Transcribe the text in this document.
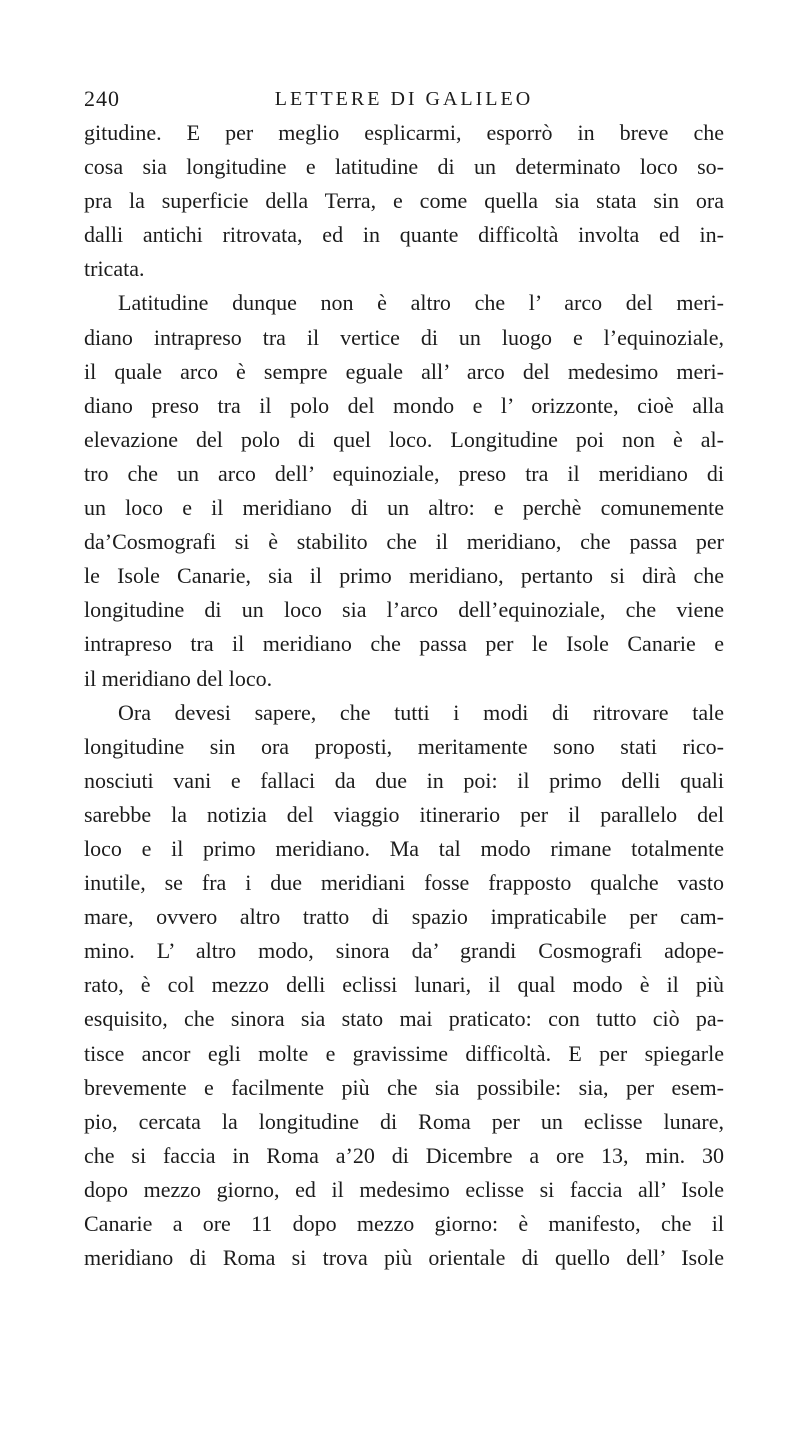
240	LETTERE DI GALILEO
gitudine. E per meglio esplicarmi, esporrò in breve che
cosa sia longitudine e latitudine di un determinato loco so-
pra la superficie della Terra, e come quella sia stata sin ora
dalli antichi ritrovata, ed in quante difficoltà involta ed in-
tricata.
Latitudine dunque non è altro che l’ arco del meri-
diano intrapreso tra il vertice di un luogo e l’equinoziale,
il quale arco è sempre eguale all’ arco del medesimo meri-
diano preso tra il polo del mondo e l’ orizzonte, cioè alla
elevazione del polo di quel loco. Longitudine poi non è al-
tro che un arco dell’ equinoziale, preso tra il meridiano di
un loco e il meridiano di un altro: e perchè comunemente
da’Cosmografi si è stabilito che il meridiano, che passa per
le Isole Canarie, sia il primo meridiano, pertanto si dirà che
longitudine di un loco sia l’arco dell’equinoziale, che viene
intrapreso tra il meridiano che passa per le Isole Canarie e
il meridiano del loco.
Ora devesi sapere, che tutti i modi di ritrovare tale
longitudine sin ora proposti, meritamente sono stati rico-
nosciuti vani e fallaci da due in poi: il primo delli quali
sarebbe la notizia del viaggio itinerario per il parallelo del
loco e il primo meridiano. Ma tal modo rimane totalmente
inutile, se fra i due meridiani fosse frapposto qualche vasto
mare, ovvero altro tratto di spazio impraticabile per cam-
mino. L’ altro modo, sinora da’ grandi Cosmografi adope-
rato, è col mezzo delli eclissi lunari, il qual modo è il più
esquisito, che sinora sia stato mai praticato: con tutto ciò pa-
tisce ancor egli molte e gravissime difficoltà. E per spiegarle
brevemente e facilmente più che sia possibile: sia, per esem-
pio, cercata la longitudine di Roma per un eclisse lunare,
che si faccia in Roma a’20 di Dicembre a ore 13, min. 30
dopo mezzo giorno, ed il medesimo eclisse si faccia all’ Isole
Canarie a ore 11 dopo mezzo giorno: è manifesto, che il
meridiano di Roma si trova più orientale di quello dell’ Isole
